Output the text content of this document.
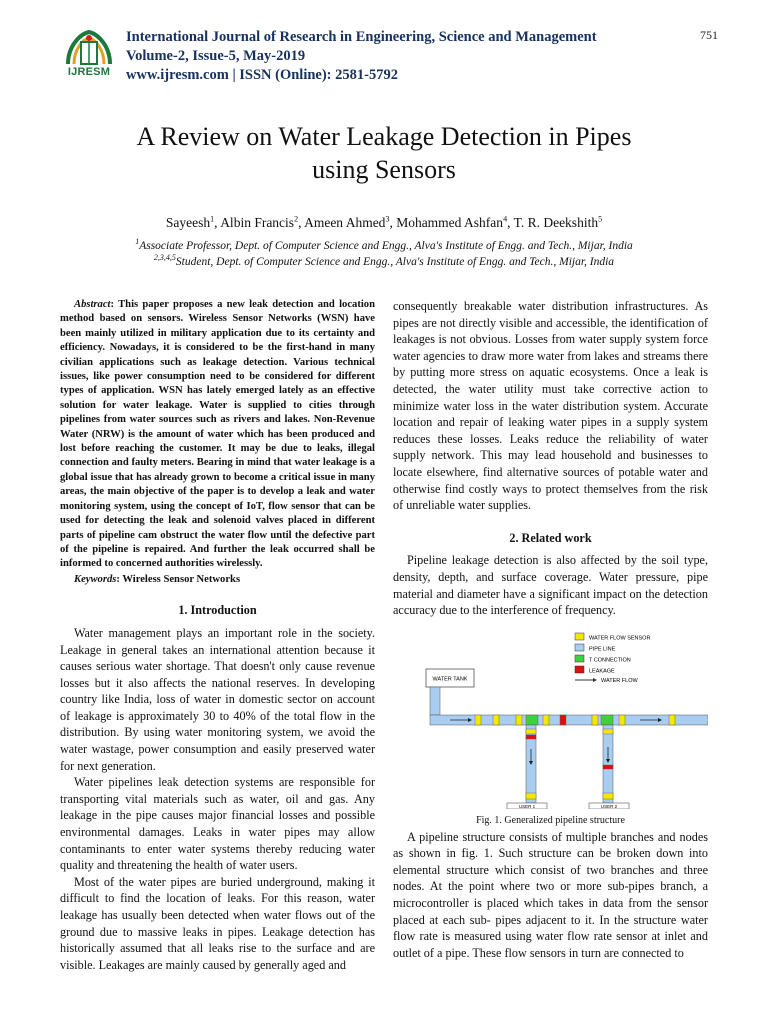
IJRESM
International Journal of Research in Engineering, Science and Management
Volume-2, Issue-5, May-2019
www.ijresm.com | ISSN (Online): 2581-5792
751
A Review on Water Leakage Detection in Pipes
using Sensors
Sayeesh$^1$, Albin Francis$^2$, Ameen Ahmed$^3$, Mohammed Ashfan$^4$, T. R. Deekshith$^5$
$^1$Associate Professor, Dept. of Computer Science and Engg., Alva's Institute of Engg. and Tech., Mijar, India
$^{2,3,4,5}$Student, Dept. of Computer Science and Engg., Alva's Institute of Engg. and Tech., Mijar, India

Abstract: This paper proposes a new leak detection and location method based on sensors. Wireless Sensor Networks (WSN) have been mainly utilized in military application due to its certainty and efficiency. Nowadays, it is considered to be the first-hand in many civilian applications such as leakage detection. Various technical issues, like power consumption need to be considered for different types of application. WSN has lately emerged lately as an effective solution for water leakage. Water is supplied to cities through pipelines from water sources such as rivers and lakes. Non-Revenue Water (NRW) is the amount of water which has been produced and lost before reaching the customer. It may be due to leaks, illegal connection and faulty meters. Bearing in mind that water leakage is a global issue that has already grown to become a critical issue in many areas, the main objective of the paper is to develop a leak and water monitoring system, using the concept of IoT, flow sensor that can be used for detecting the leak and solenoid valves placed in different parts of pipeline cam obstruct the water flow until the defective part of the pipeline is repaired. And further the leak occurred shall be informed to concerned authorities wirelessly.

Keywords: Wireless Sensor Networks

1. Introduction

Water management plays an important role in the society. Leakage in general takes an international attention because it causes serious water shortage. That doesn't only cause revenue losses but it also affects the national reserves. In developing country like India, loss of water in domestic sector on account of leakage is approximately 30 to 40% of the total flow in the distribution. By using water monitoring system, we avoid the water wastage, power consumption and easily preserved water for next generation.

Water pipelines leak detection systems are responsible for transporting vital materials such as water, oil and gas. Any leakage in the pipe causes major financial losses and possible environmental damages. Leaks in water pipes may allow contaminants to enter water systems thereby reducing water quality and threatening the health of water users.

Most of the water pipes are buried underground, making it difficult to find the location of leaks. For this reason, water leakage has usually been detected when water flows out of the ground due to massive leaks in pipes. Leakage detection has historically assumed that all leaks rise to the surface and are visible. Leakages are mainly caused by generally aged and

consequently breakable water distribution infrastructures. As pipes are not directly visible and accessible, the identification of leakages is not obvious. Losses from water supply system force water agencies to draw more water from lakes and streams there by putting more stress on aquatic ecosystems. Once a leak is detected, the water utility must take corrective action to minimize water loss in the water distribution system. Accurate location and repair of leaking water pipes in a supply system reduces these losses. Leaks reduce the reliability of water supply network. This may lead household and businesses to locate elsewhere, find alternative sources of potable water and otherwise find costly ways to protect themselves from the risk of unreliable water supplies.

2. Related work

Pipeline leakage detection is also affected by the soil type, density, depth, and surface coverage. Water pressure, pipe material and diameter have a significant impact on the detection accuracy due to the interference of frequency.

WATER FLOW SENSOR
PIPE LINE
T CONNECTION
LEAKAGE
WATER FLOW
WATER TANK
USER 1	USER 2
Fig. 1. Generalized pipeline structure

A pipeline structure consists of multiple branches and nodes as shown in fig. 1. Such structure can be broken down into elemental structure which consist of two branches and three nodes. At the point where two or more sub-pipes branch, a microcontroller is placed which takes in data from the sensor placed at each sub- pipes adjacent to it. In the structure water flow rate is measured using water flow rate sensor at inlet and outlet of a pipe. These flow sensors in turn are connected to
